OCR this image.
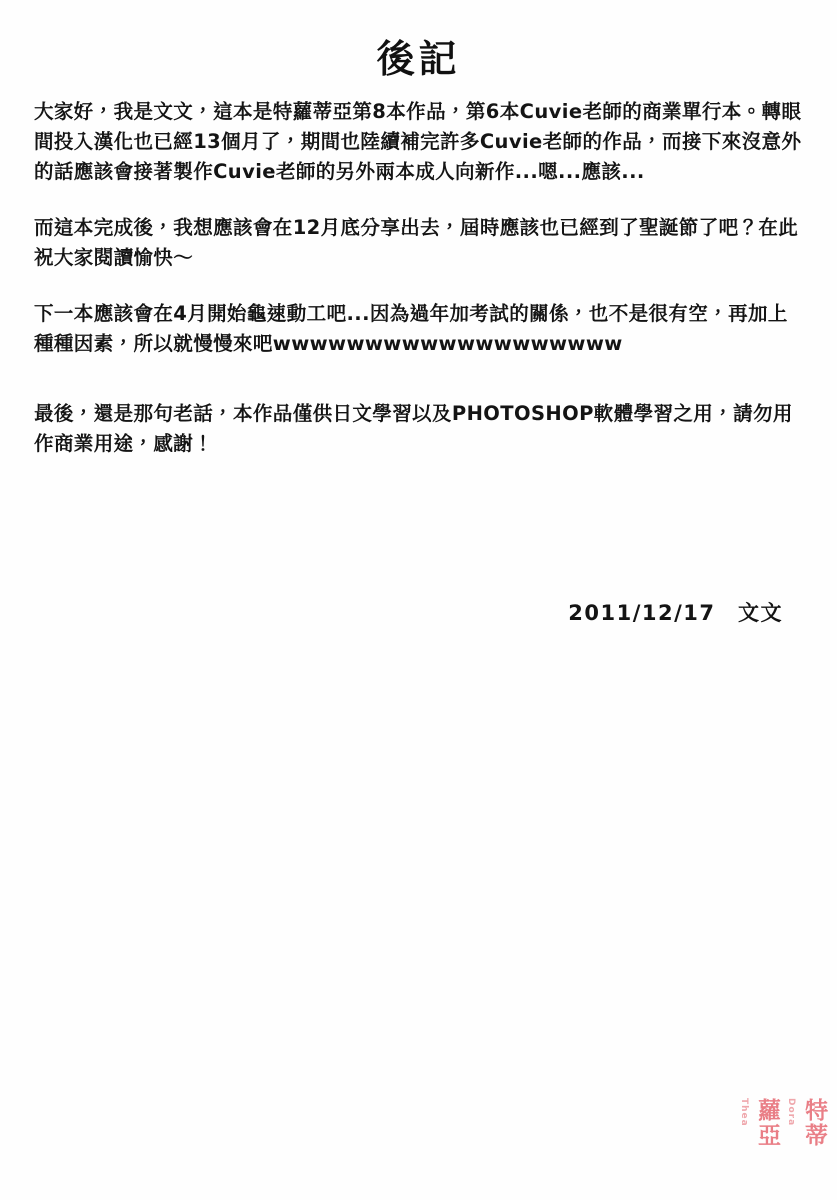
後記

大家好，我是文文，這本是特蘿蒂亞第8本作品，第6本Cuvie老師的商業單行本。轉眼間投入漢化也已經13個月了，期間也陸續補完許多Cuvie老師的作品，而接下來沒意外的話應該會接著製作Cuvie老師的另外兩本成人向新作...嗯...應該...

而這本完成後，我想應該會在12月底分享出去，屆時應該也已經到了聖誕節了吧？在此祝大家閱讀愉快～

下一本應該會在4月開始龜速動工吧...因為過年加考試的關係，也不是很有空，再加上種種因素，所以就慢慢來吧wwwwwwwwwwwwwwwwwww

最後，還是那句老話，本作品僅供日文學習以及PHOTOSHOP軟體學習之用，請勿用作商業用途，感謝！

2011/12/17　文文
特蒂
Dora
蘿亞
Thea
